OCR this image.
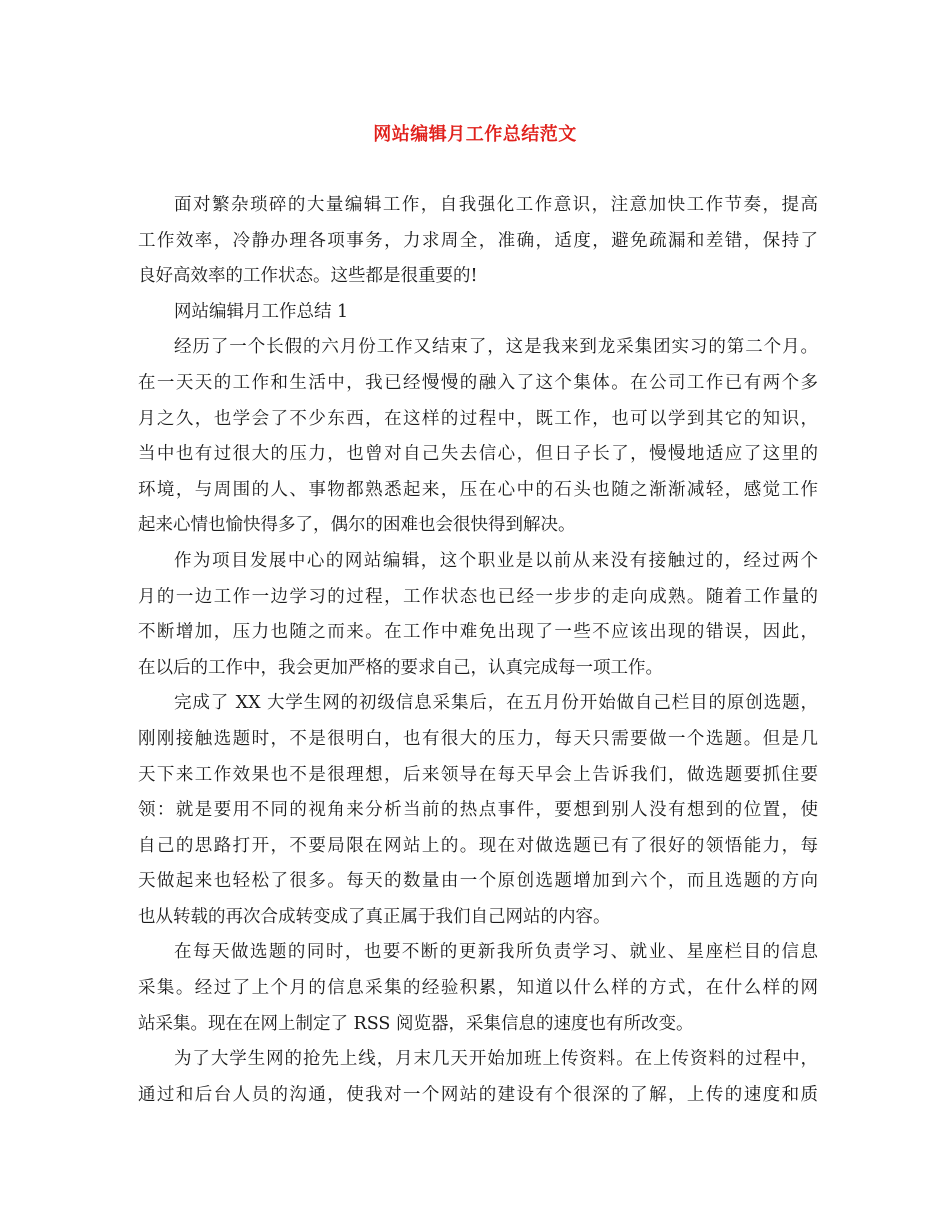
网站编辑月工作总结范文
面对繁杂琐碎的大量编辑工作，自我强化工作意识，注意加快工作节奏，提高
工作效率，冷静办理各项事务，力求周全，准确，适度，避免疏漏和差错，保持了
良好高效率的工作状态。这些都是很重要的!
网站编辑月工作总结 1
经历了一个长假的六月份工作又结束了，这是我来到龙采集团实习的第二个月。
在一天天的工作和生活中，我已经慢慢的融入了这个集体。在公司工作已有两个多
月之久，也学会了不少东西，在这样的过程中，既工作，也可以学到其它的知识，
当中也有过很大的压力，也曾对自己失去信心，但日子长了，慢慢地适应了这里的
环境，与周围的人、事物都熟悉起来，压在心中的石头也随之渐渐减轻，感觉工作
起来心情也愉快得多了，偶尔的困难也会很快得到解决。
作为项目发展中心的网站编辑，这个职业是以前从来没有接触过的，经过两个
月的一边工作一边学习的过程，工作状态也已经一步步的走向成熟。随着工作量的
不断增加，压力也随之而来。在工作中难免出现了一些不应该出现的错误，因此，
在以后的工作中，我会更加严格的要求自己，认真完成每一项工作。
完成了 XX 大学生网的初级信息采集后，在五月份开始做自己栏目的原创选题，
刚刚接触选题时，不是很明白，也有很大的压力，每天只需要做一个选题。但是几
天下来工作效果也不是很理想，后来领导在每天早会上告诉我们，做选题要抓住要
领：就是要用不同的视角来分析当前的热点事件，要想到别人没有想到的位置，使
自己的思路打开，不要局限在网站上的。现在对做选题已有了很好的领悟能力，每
天做起来也轻松了很多。每天的数量由一个原创选题增加到六个，而且选题的方向
也从转载的再次合成转变成了真正属于我们自己网站的内容。
在每天做选题的同时，也要不断的更新我所负责学习、就业、星座栏目的信息
采集。经过了上个月的信息采集的经验积累，知道以什么样的方式，在什么样的网
站采集。现在在网上制定了 RSS 阅览器，采集信息的速度也有所改变。
为了大学生网的抢先上线，月末几天开始加班上传资料。在上传资料的过程中，
通过和后台人员的沟通，使我对一个网站的建设有个很深的了解，上传的速度和质
